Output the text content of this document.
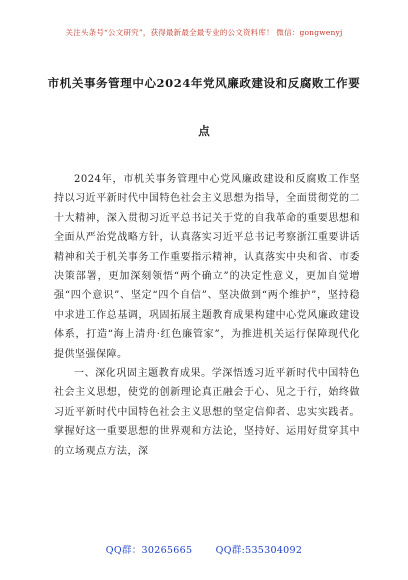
关注头条号“公文研究”，获得最新最全最专业的公文资料库！ 微信：gongwenyj
市机关事务管理中心2024年党风廉政建设和反腐败工作要
点

2024年，市机关事务管理中心党风廉政建设和反腐败工作坚持以习近平新时代中国特色社会主义思想为指导，全面贯彻党的二十大精神，深入贯彻习近平总书记关于党的自我革命的重要思想和全面从严治党战略方针，认真落实习近平总书记考察浙江重要讲话精神和关于机关事务工作重要指示精神，认真落实中央和省、市委决策部署，更加深刻领悟“两个确立”的决定性意义，更加自觉增强“四个意识”、坚定“四个自信”、坚决做到“两个维护”，坚持稳中求进工作总基调，巩固拓展主题教育成果构建中心党风廉政建设体系，打造“海上清舟·红色廉管家”，为推进机关运行保障现代化提供坚强保障。

一、深化巩固主题教育成果。学深悟透习近平新时代中国特色社会主义思想，使党的创新理论真正融会于心、见之于行，始终做习近平新时代中国特色社会主义思想的坚定信仰者、忠实实践者。掌握好这一重要思想的世界观和方法论，坚持好、运用好贯穿其中的立场观点方法，深

QQ群：30265665 QQ群:535304092
